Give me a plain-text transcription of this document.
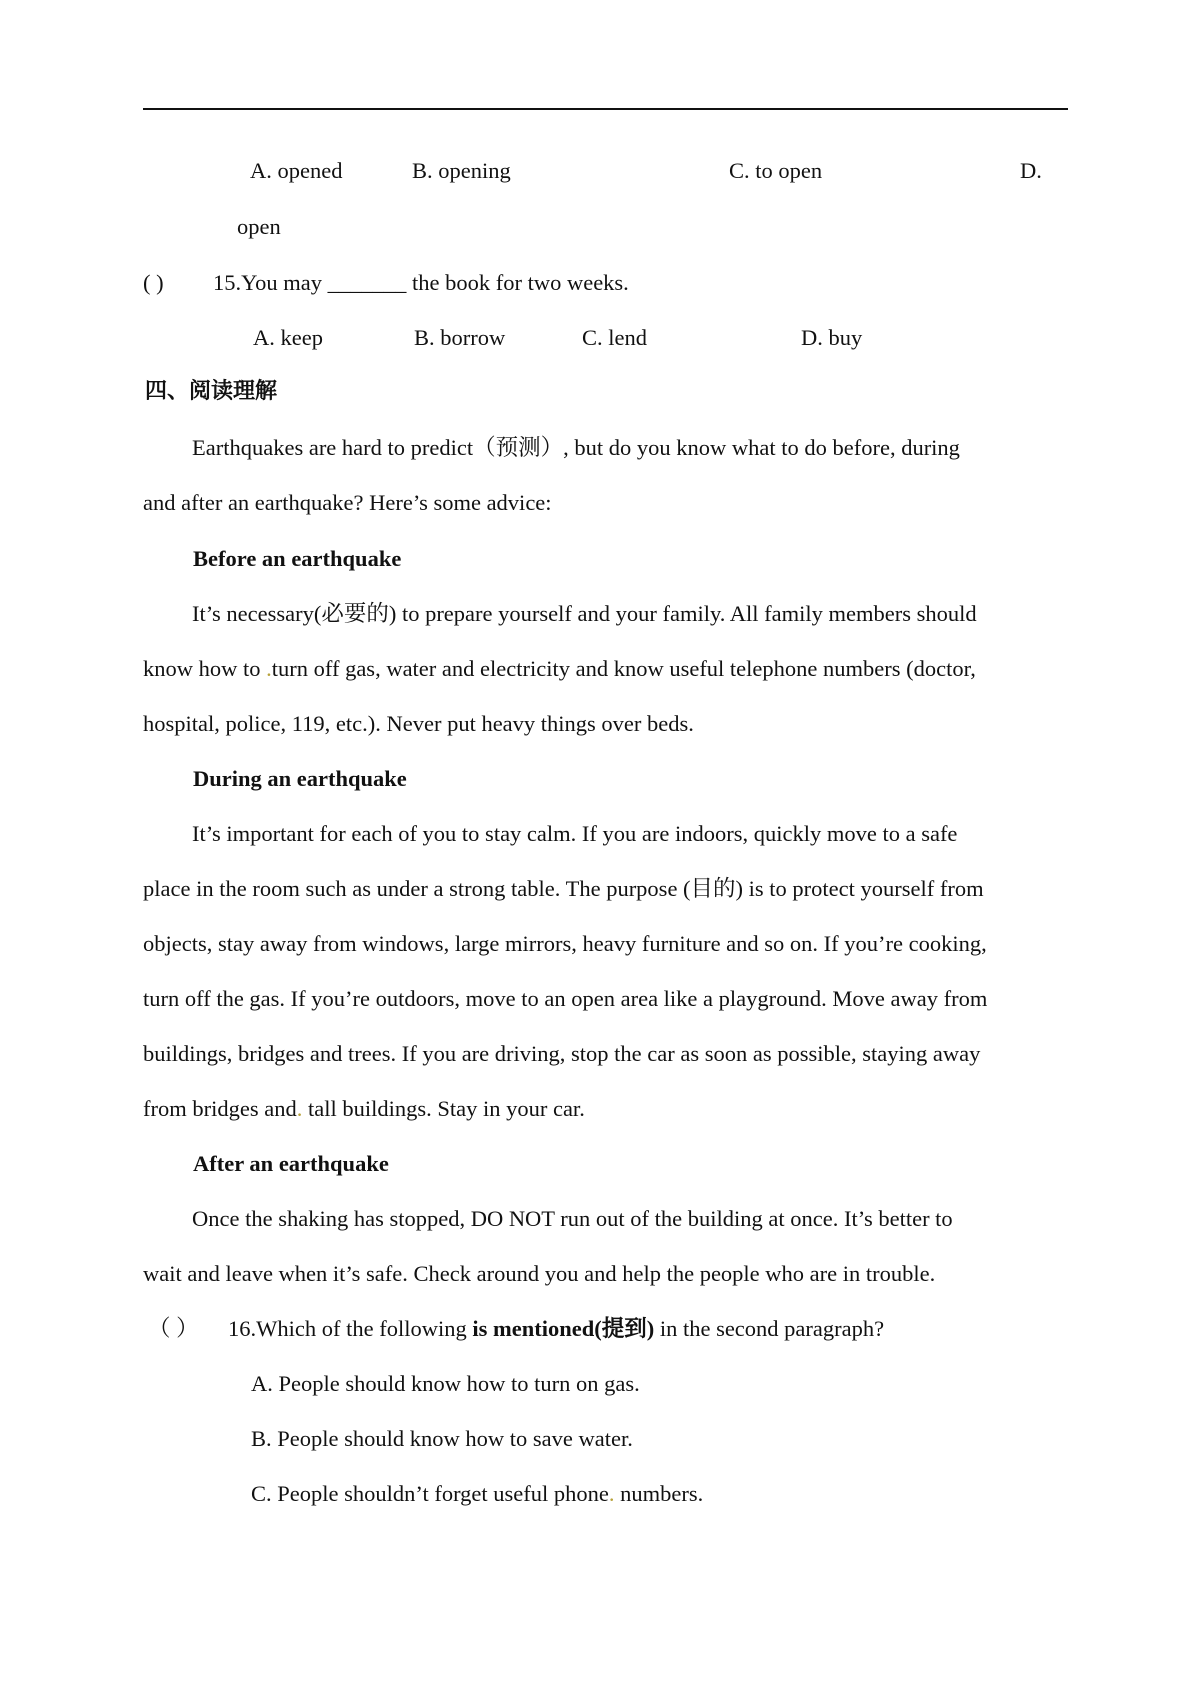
A. opened	B. opening	C. to open	D.
open
( ) 15.You may _______ the book for two weeks.
A. keep	B. borrow	C. lend	D. buy
四、阅读理解
Earthquakes are hard to predict（预测）, but do you know what to do before, during
and after an earthquake? Here’s some advice:
Before an earthquake
It’s necessary(必要的) to prepare yourself and your family. All family members should
know how to .turn off gas, water and electricity and know useful telephone numbers (doctor,
hospital, police, 119, etc.). Never put heavy things over beds.
During an earthquake
It’s important for each of you to stay calm. If you are indoors, quickly move to a safe
place in the room such as under a strong table. The purpose (目的) is to protect yourself from
objects, stay away from windows, large mirrors, heavy furniture and so on. If you’re cooking,
turn off the gas. If you’re outdoors, move to an open area like a playground. Move away from
buildings, bridges and trees. If you are driving, stop the car as soon as possible, staying away
from bridges and. tall buildings. Stay in your car.
After an earthquake
Once the shaking has stopped, DO NOT run out of the building at once. It’s better to
wait and leave when it’s safe. Check around you and help the people who are in trouble.
（ ） 16.Which of the following is mentioned(提到) in the second paragraph?
A. People should know how to turn on gas.
B. People should know how to save water.
C. People shouldn’t forget useful phone. numbers.
